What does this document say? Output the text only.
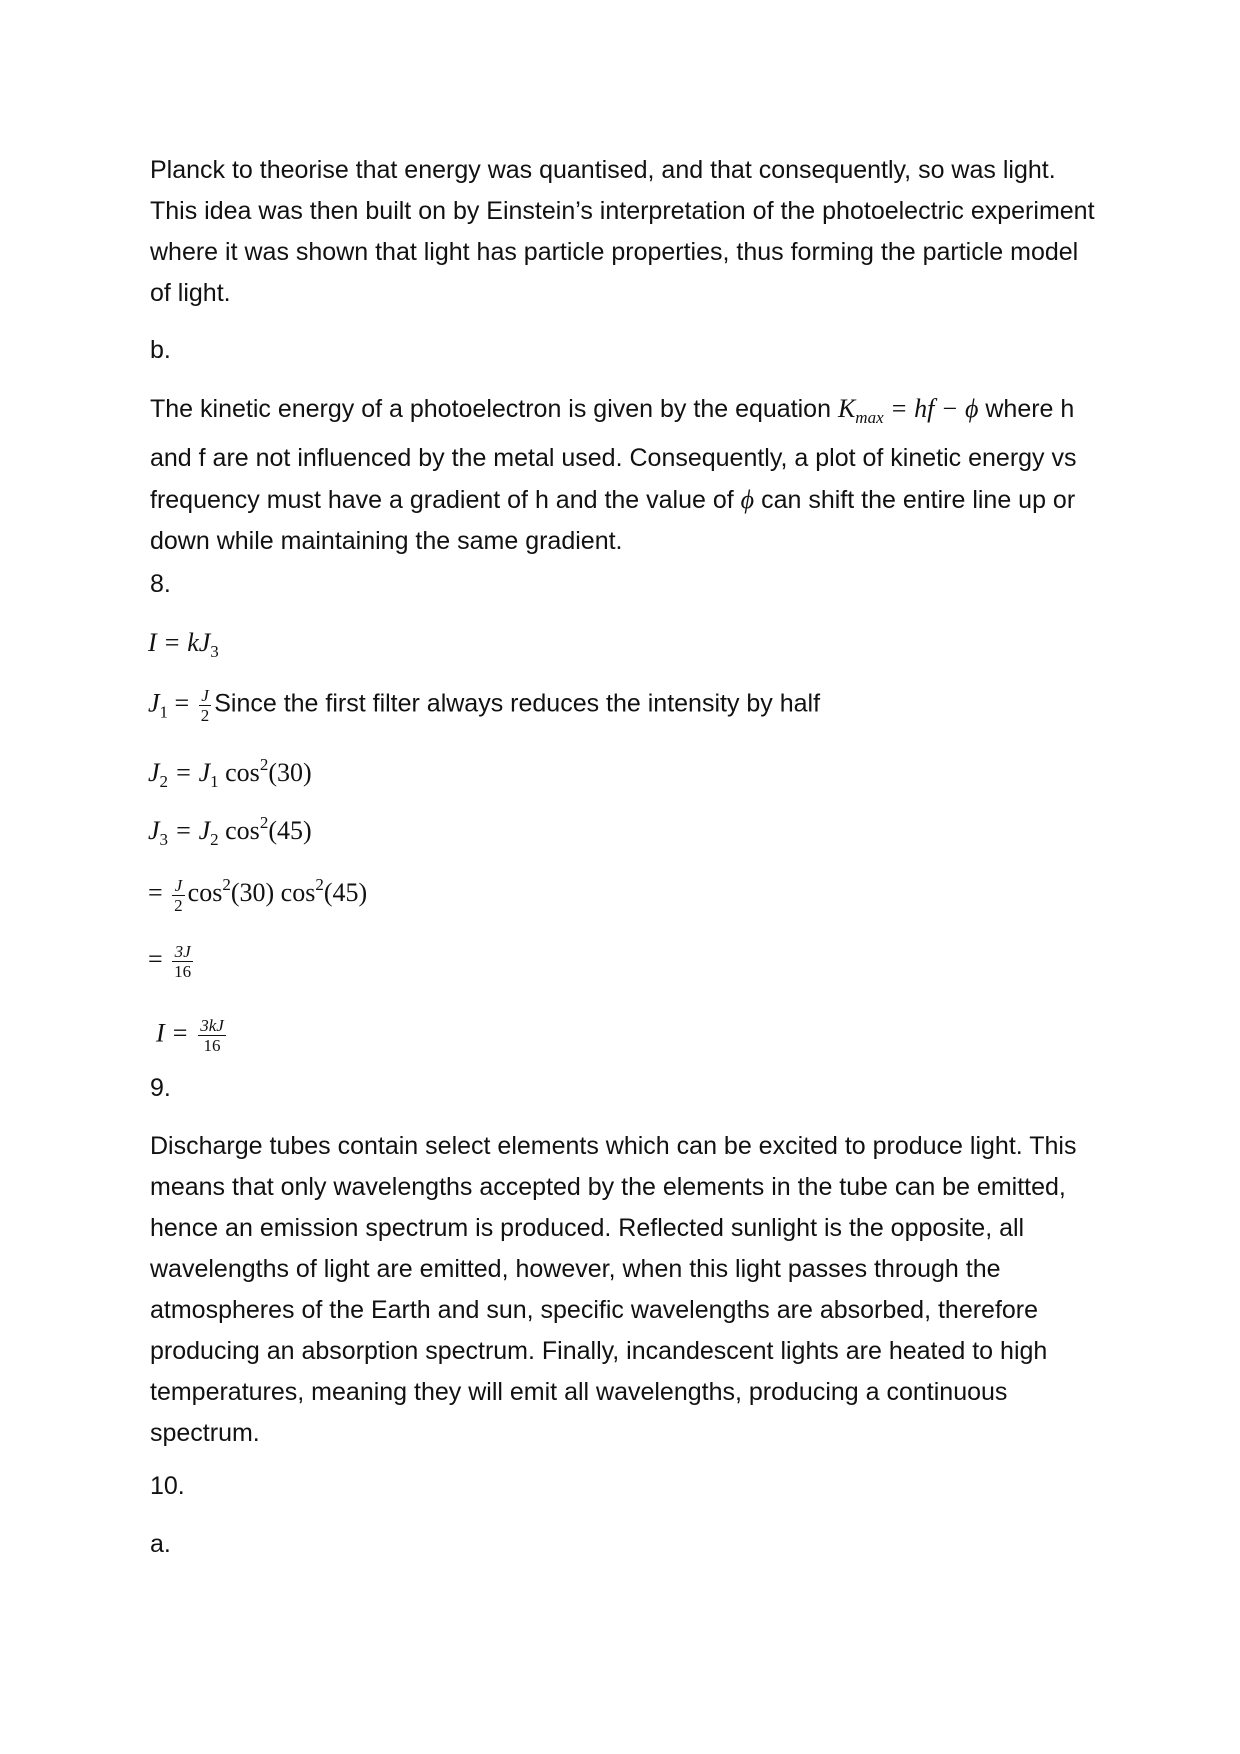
Planck to theorise that energy was quantised, and that consequently, so was light. This idea was then built on by Einstein’s interpretation of the photoelectric experiment where it was shown that light has particle properties, thus forming the particle model of light.

b.

The kinetic energy of a photoelectron is given by the equation $K_{max}$ = hf − ϕ where h and f are not influenced by the metal used. Consequently, a plot of kinetic energy vs frequency must have a gradient of h and the value of ϕ can shift the entire line up or down while maintaining the same gradient.

8.
$I = kJ_3$
$J_1 = \frac{J}{2}$ Since the first filter always reduces the intensity by half
$J_2 = J_1$ $\cos^2(30)$
$J_3 = J_2$ $\cos^2(45)$
= $\frac{J}{2} \cos^2(30)$ $\cos^2(45)$
= $\frac{3J}{16}$
$I = \frac{3kJ}{16}$
9.

Discharge tubes contain select elements which can be excited to produce light. This means that only wavelengths accepted by the elements in the tube can be emitted, hence an emission spectrum is produced. Reflected sunlight is the opposite, all wavelengths of light are emitted, however, when this light passes through the atmospheres of the Earth and sun, specific wavelengths are absorbed, therefore producing an absorption spectrum. Finally, incandescent lights are heated to high temperatures, meaning they will emit all wavelengths, producing a continuous spectrum.

10.
a.
